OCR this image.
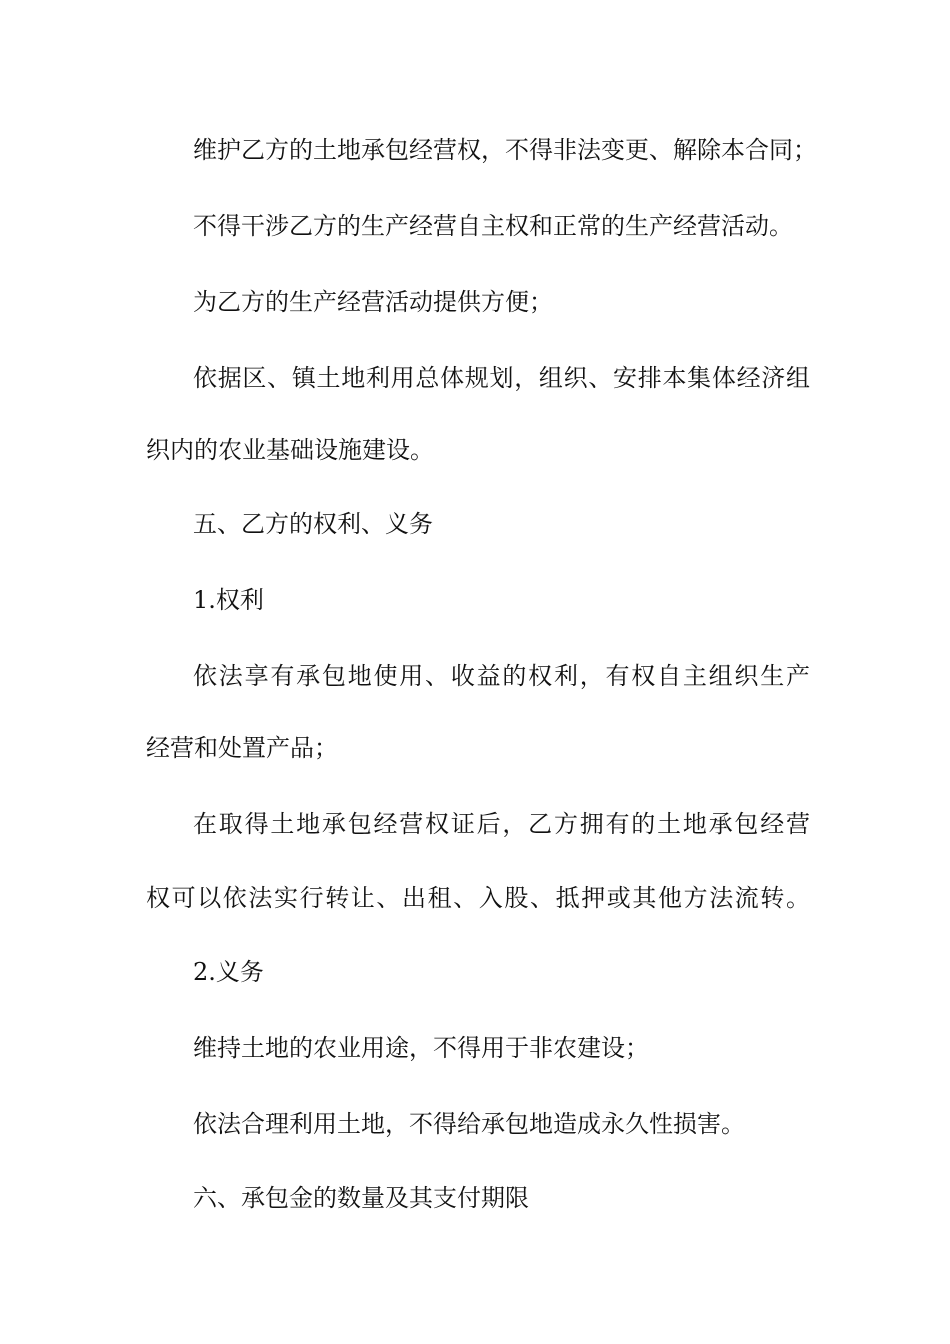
维护乙方的土地承包经营权，不得非法变更、解除本合同；

不得干涉乙方的生产经营自主权和正常的生产经营活动。

为乙方的生产经营活动提供方便；

依据区、镇土地利用总体规划，组织、安排本集体经济组

织内的农业基础设施建设。

五、乙方的权利、义务

1.权利

依法享有承包地使用、收益的权利，有权自主组织生产

经营和处置产品；

在取得土地承包经营权证后，乙方拥有的土地承包经营

权可以依法实行转让、出租、入股、抵押或其他方法流转。

2.义务

维持土地的农业用途，不得用于非农建设；

依法合理利用土地，不得给承包地造成永久性损害。

六、承包金的数量及其支付期限
